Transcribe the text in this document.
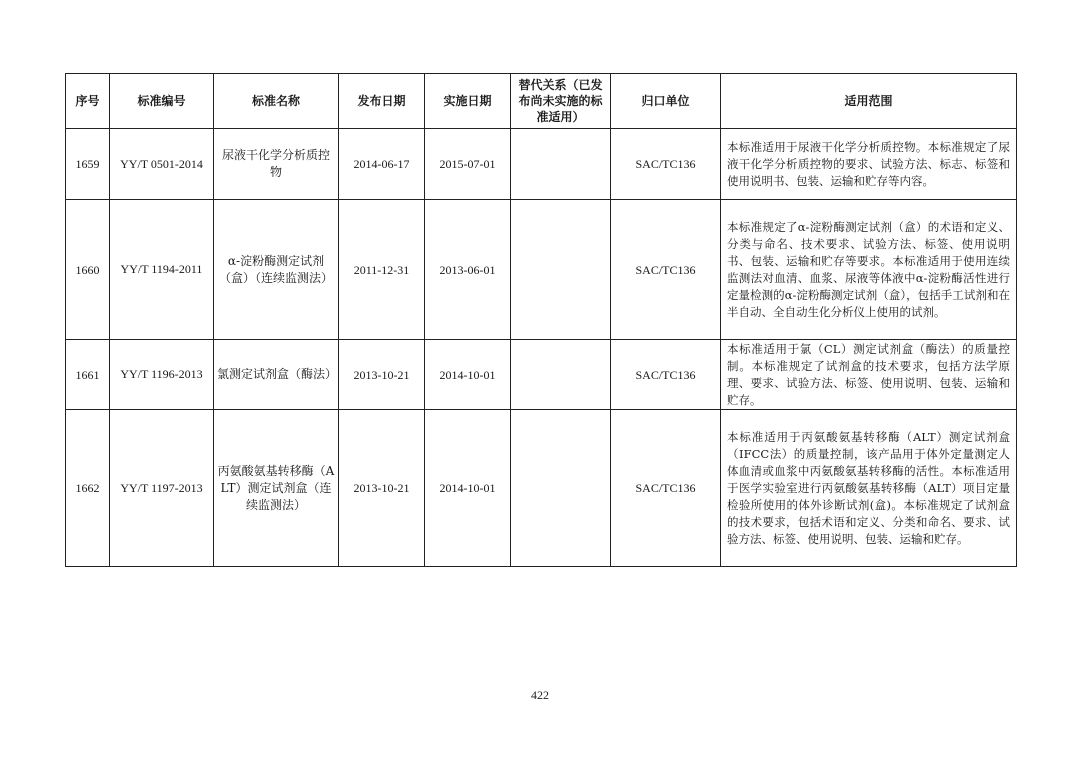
序号	标准编号	标准名称	发布日期	实施日期	替代关系（已发布尚未实施的标准适用）	归口单位	适用范围
1659	YY/T 0501-2014	尿液干化学分析质控物	2014-06-17	2015-07-01		SAC/TC136	本标准适用于尿液干化学分析质控物。本标准规定了尿液干化学分析质控物的要求、试验方法、标志、标签和使用说明书、包装、运输和贮存等内容。
1660	YY/T 1194-2011	α-淀粉酶测定试剂（盒）（连续监测法）	2011-12-31	2013-06-01		SAC/TC136	本标准规定了α-淀粉酶测定试剂（盒）的术语和定义、分类与命名、技术要求、试验方法、标签、使用说明书、包装、运输和贮存等要求。本标准适用于使用连续监测法对血清、血浆、尿液等体液中α-淀粉酶活性进行定量检测的α-淀粉酶测定试剂（盒），包括手工试剂和在半自动、全自动生化分析仪上使用的试剂。
1661	YY/T 1196-2013	氯测定试剂盒（酶法）	2013-10-21	2014-10-01		SAC/TC136	本标准适用于氯（CL）测定试剂盒（酶法）的质量控制。本标准规定了试剂盒的技术要求，包括方法学原理、要求、试验方法、标签、使用说明、包装、运输和贮存。
1662	YY/T 1197-2013	丙氨酸氨基转移酶（ALT）测定试剂盒（连续监测法）	2013-10-21	2014-10-01		SAC/TC136	本标准适用于丙氨酸氨基转移酶（ALT）测定试剂盒（IFCC法）的质量控制，该产品用于体外定量测定人体血清或血浆中丙氨酸氨基转移酶的活性。本标准适用于医学实验室进行丙氨酸氨基转移酶（ALT）项目定量检验所使用的体外诊断试剂(盒)。本标准规定了试剂盒的技术要求，包括术语和定义、分类和命名、要求、试验方法、标签、使用说明、包装、运输和贮存。
422
